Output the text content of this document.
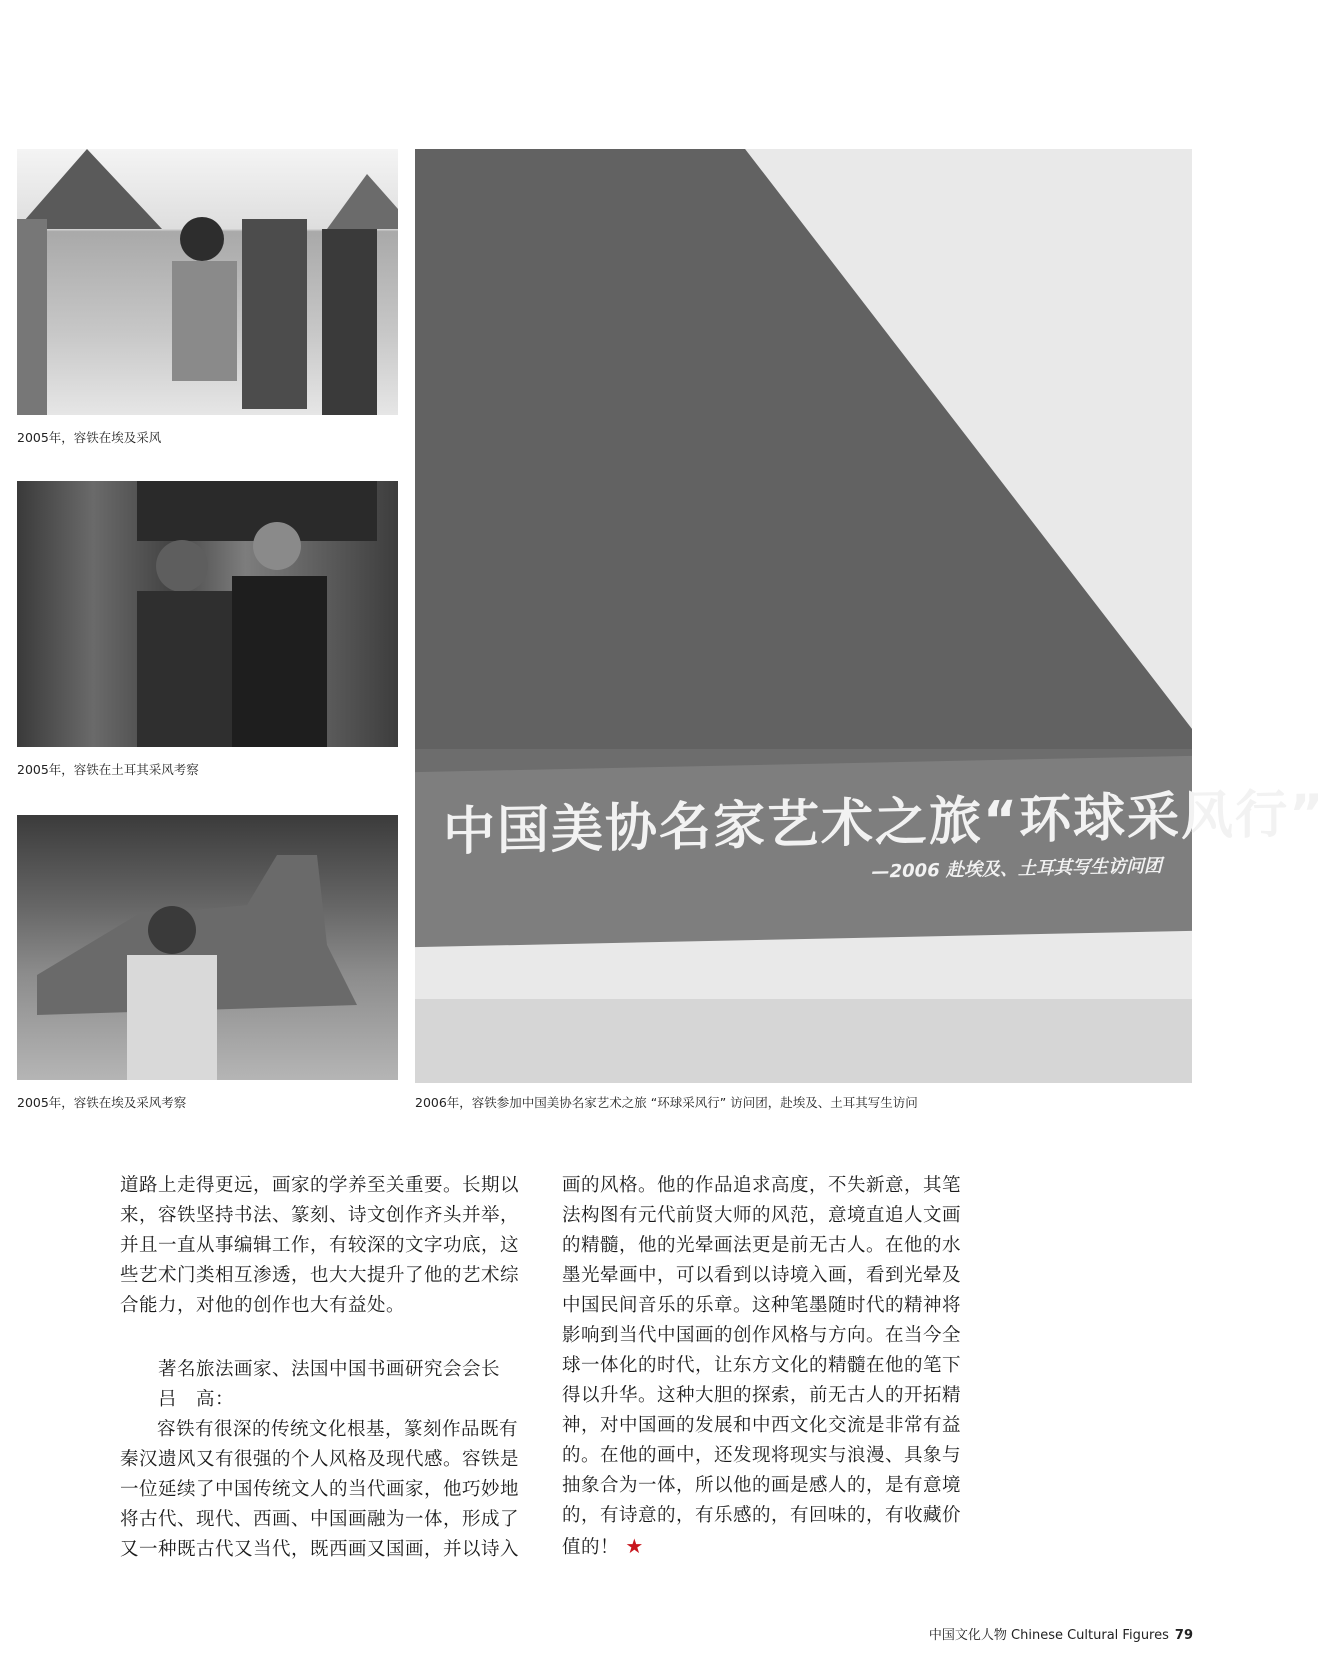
2005年，容铁在埃及采风
2005年，容铁在土耳其采风考察
2005年，容铁在埃及采风考察
中国美协名家艺术之旅“环球采风行”
—2006 赴埃及、土耳其写生访问团
2006年，容铁参加中国美协名家艺术之旅 “环球采风行” 访问团，赴埃及、土耳其写生访问

道路上走得更远，画家的学养至关重要。长期以来，容铁坚持书法、篆刻、诗文创作齐头并举，并且一直从事编辑工作，有较深的文字功底，这些艺术门类相互渗透，也大大提升了他的艺术综合能力，对他的创作也大有益处。

著名旅法画家、法国中国书画研究会会长

吕　高：

容铁有很深的传统文化根基，篆刻作品既有秦汉遗风又有很强的个人风格及现代感。容铁是一位延续了中国传统文人的当代画家，他巧妙地将古代、现代、西画、中国画融为一体，形成了又一种既古代又当代，既西画又国画，并以诗入

画的风格。他的作品追求高度，不失新意，其笔法构图有元代前贤大师的风范，意境直追人文画的精髓，他的光晕画法更是前无古人。在他的水墨光晕画中，可以看到以诗境入画，看到光晕及中国民间音乐的乐章。这种笔墨随时代的精神将影响到当代中国画的创作风格与方向。在当今全球一体化的时代，让东方文化的精髓在他的笔下得以升华。这种大胆的探索，前无古人的开拓精神，对中国画的发展和中西文化交流是非常有益的。在他的画中，还发现将现实与浪漫、具象与抽象合为一体，所以他的画是感人的，是有意境的，有诗意的，有乐感的，有回味的，有收藏价值的！ ★

中国文化人物 Chinese Cultural Figures 79
